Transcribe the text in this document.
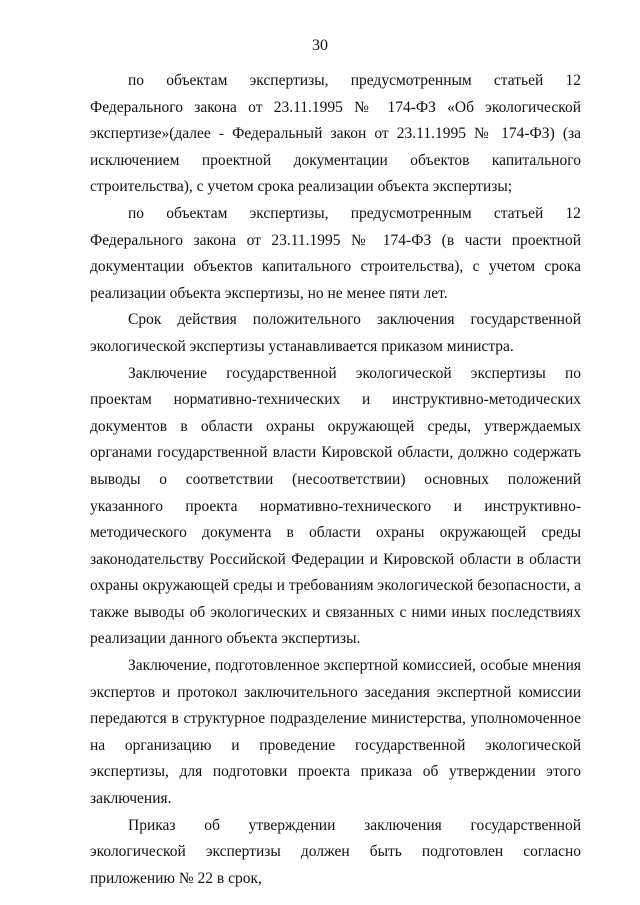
30

по объектам экспертизы, предусмотренным статьей 12 Федерального закона от 23.11.1995 № 174-ФЗ «Об экологической экспертизе»(далее - Федеральный закон от 23.11.1995 № 174-ФЗ) (за исключением проектной документации объектов капитального строительства), с учетом срока реализации объекта экспертизы;

по объектам экспертизы, предусмотренным статьей 12 Федерального закона от 23.11.1995 № 174-ФЗ (в части проектной документации объектов капитального строительства), с учетом срока реализации объекта экспертизы, но не менее пяти лет.

Срок действия положительного заключения государственной экологической экспертизы устанавливается приказом министра.

Заключение государственной экологической экспертизы по проектам нормативно-технических и инструктивно-методических документов в области охраны окружающей среды, утверждаемых органами государственной власти Кировской области, должно содержать выводы о соответствии (несоответствии) основных положений указанного проекта нормативно-технического и инструктивно-методического документа в области охраны окружающей среды законодательству Российской Федерации и Кировской области в области охраны окружающей среды и требованиям экологической безопасности, а также выводы об экологических и связанных с ними иных последствиях реализации данного объекта экспертизы.

Заключение, подготовленное экспертной комиссией, особые мнения экспертов и протокол заключительного заседания экспертной комиссии передаются в структурное подразделение министерства, уполномоченное на организацию и проведение государственной экологической экспертизы, для подготовки проекта приказа об утверждении этого заключения.

Приказ об утверждении заключения государственной экологической экспертизы должен быть подготовлен согласно приложению № 22 в срок,
